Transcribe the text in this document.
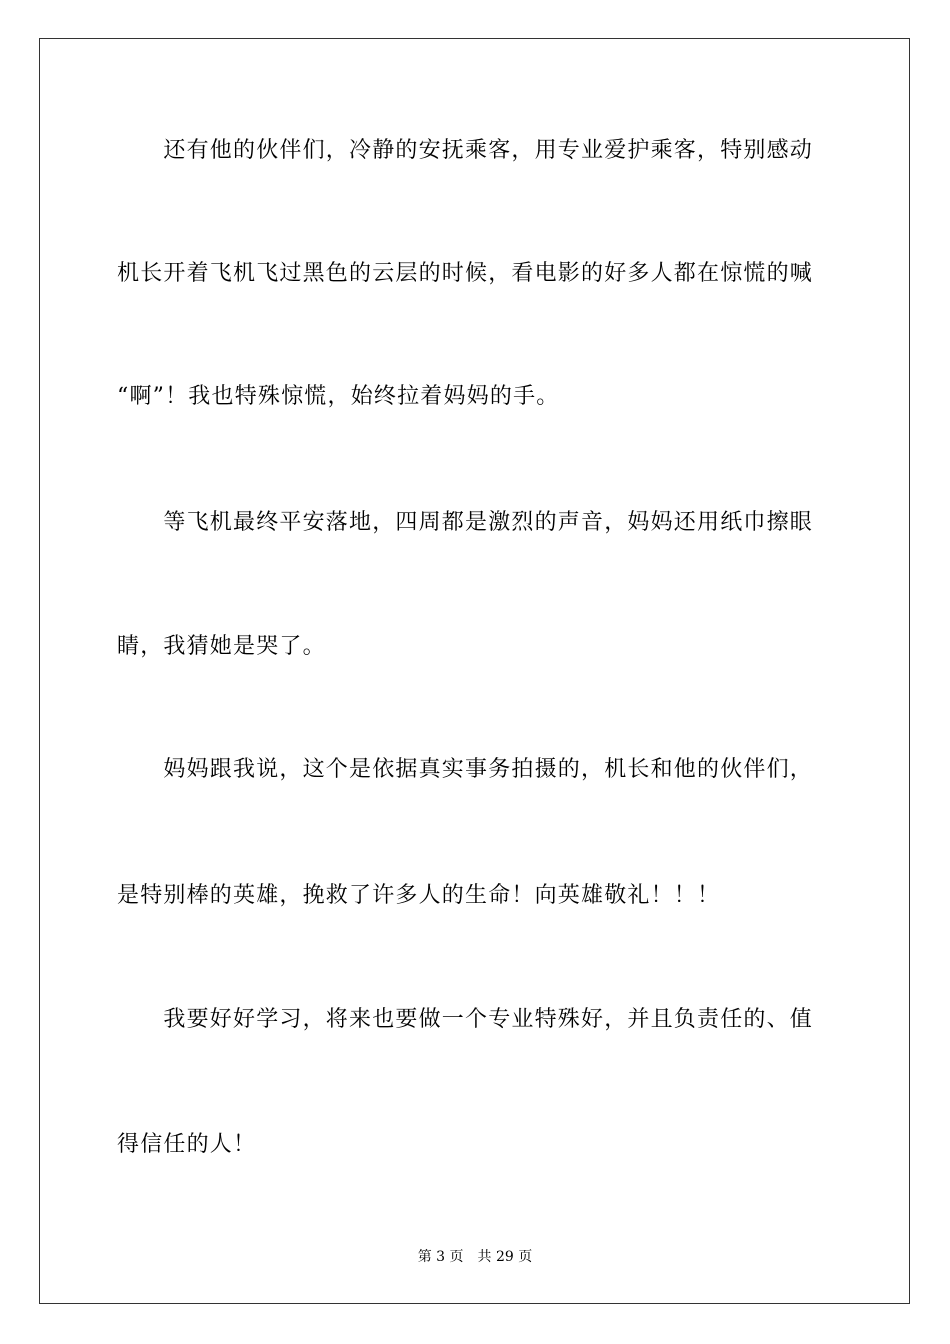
　　还有他的伙伴们，冷静的安抚乘客，用专业爱护乘客，特别感动
机长开着飞机飞过黑色的云层的时候，看电影的好多人都在惊慌的喊
“啊”！我也特殊惊慌，始终拉着妈妈的手。
　　等飞机最终平安落地，四周都是激烈的声音，妈妈还用纸巾擦眼
睛，我猜她是哭了。
　　妈妈跟我说，这个是依据真实事务拍摄的，机长和他的伙伴们，
是特别棒的英雄，挽救了许多人的生命！向英雄敬礼！！！
　　我要好好学习，将来也要做一个专业特殊好，并且负责任的、值
得信任的人！
第 3 页 共 29 页
